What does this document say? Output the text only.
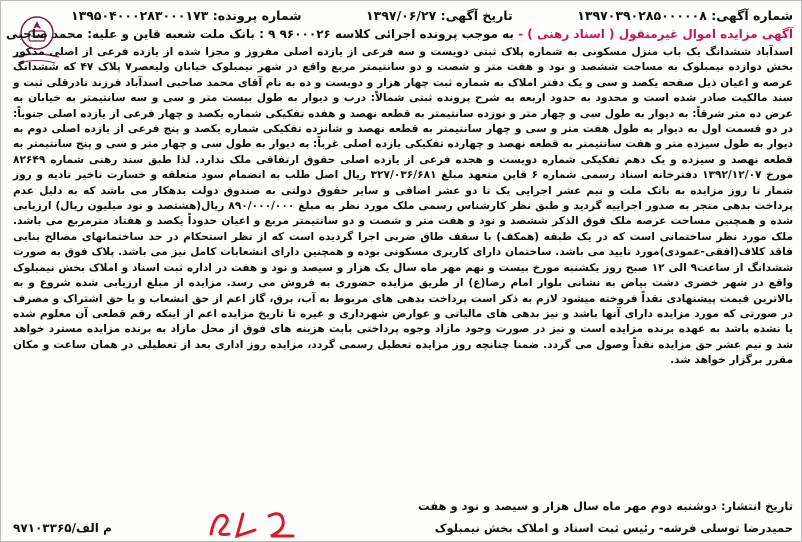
شماره آگهی: ۱۳۹۷۰۳۹۰۲۸۵۰۰۰۰۰۸
تاریخ آگهی: ۱۳۹۷/۰۶/۲۷
شماره پرونده: ۱۳۹۵۰۴۰۰۰۲۸۳۰۰۰۱۷۳
آگهی مزایده اموال غیرمنقول ( اسناد رهنی ) - به موجب پرونده اجرائی کلاسه ۹۶۰۰۰۲۶ ۹ : بانک ملت شعبه قاین و علیه: محمد صاحبی
اسدآباد ششدانگ یک باب منزل مسکونی به شماره پلاک ثبتی دویست و سه فرعی از یازده اصلی مفروز و مجزا شده از یازده فرعی از اصلی مذکور بخش دوازده نیمبلوک به مساحت ششصد و نود و هفت متر و شصت و دو سانتیمتر مربع واقع در شهر نیمبلوک خیابان ولیعصر۷ پلاک ۴۷ که ششدانگ عرصه و اعیان ذیل صفحه یکصد و سی و یک دفتر املاک به شماره ثبت چهار هزار و دویست و ده به نام آقای محمد صاحبی اسدآباد فرزند نادرقلی ثبت و سند مالکیت صادر شده است و محدود به حدود اربعه به شرح پرونده ثبتی شمالاً: درب و دیوار به طول بیست متر و سی و سه سانتیمتر به خیابان به عرض ده متر شرقاً: به دیوار به طول سی و چهار متر و نوزده سانتیمتر به قطعه نهصد و هفده تفکیکی شماره یکصد و چهار فرعی از یازده اصلی جنوباً: در دو قسمت اول به دیوار به طول هفت متر و سی و چهار سانتیمتر به قطعه نهصد و شانزده تفکیکی شماره یکصد و پنج فرعی از یازده اصلی دوم به دیوار به طول سیزده متر و هفت سانتیمتر به قطعه نهصد و چهارده تفکیکی یازده اصلی غرباً: به دیوار به طول سی و چهار متر و سی و پنج سانتیمتر به قطعه نهصد و سیزده و یک دهم تفکیکی شماره دویست و هجده فرعی از یازده اصلی حقوق ارتفاقی ملک ندارد. لذا طبق سند رهنی شماره ۸۲۶۴۹ مورخ ۱۳۹۲/۱۲/۰۷ دفترخانه اسناد رسمی شماره ۶ قاین متعهد مبلغ ۳۲۷/۰۳۶/۶۸۱ ریال اصل طلب به انضمام سود متعلقه و خسارت تاخیر تادیه و روز شمار تا روز مزایده به بانک ملت و نیم عشر اجرایی یک تا دو عشر اضافی و سایر حقوق دولتی به صندوق دولت بدهکار می باشد که به دلیل عدم پرداخت بدهی منجر به صدور اجراییه گردید و طبق نظر کارشناس رسمی ملک مورد نظر به مبلغ ۸۹۰/۰۰۰/۰۰۰ ریال(هشتصد و نود میلیون ریال) ارزیابی شده و همچنین مساحت عرصه ملک فوق الذکر ششصد و نود و هفت متر و شصت و دو سانتیمتر مربع و اعیان حدوداً یکصد و هفتاد مترمربع می باشد. ملک مورد نظر ساختمانی است که در یک طبقه (همکف) با سقف طاق ضربی اجرا گردیده است که از نظر استحکام در حد ساختمانهای مصالح بنایی فاقد کلاف(افقی-عمودی)مورد تایید می باشد. ساختمان دارای کاربری مسکونی بوده و همچنین دارای انشعابات کامل نیز می باشد. پلاک فوق به صورت ششدانگ از ساعت۹ الی ۱۲ صبح روز یکشنبه مورخ بیست و نهم مهر ماه سال یک هزار و سیصد و نود و هفت در اداره ثبت اسناد و املاک بخش نیمبلوک واقع در شهر خضری دشت بیاض به نشانی بلوار امام رضا(ع) از طریق مزایده حضوری به فروش می رسد. مزایده از مبلغ ارزیابی شده شروع و به بالاترین قیمت پیشنهادی نقداً فروخته میشود لازم به ذکر است پرداخت بدهی های مربوط به آب، برق، گاز اعم از حق انشعاب و یا حق اشتراک و مصرف در صورتی که مورد مزایده دارای آنها باشد و نیز بدهی های مالیاتی و عوارض شهرداری و غیره تا تاریخ مزایده اعم از اینکه رقم قطعی آن معلوم شده یا نشده باشد به عهده برنده مزایده است و نیز در صورت وجود مازاد وجوه پرداختی بابت هزینه های فوق از محل مازاد به برنده مزایده مسترد خواهد شد و نیم عشر حق مزایده نقداً وصول می گردد. ضمنا چنانچه روز مزایده تعطیل رسمی گردد، مزایده روز اداری بعد از تعطیلی در همان ساعت و مکان مقرر برگزار خواهد شد.
تاریخ انتشار: دوشنبه دوم مهر ماه سال هزار و سیصد و نود و هفت
حمیدرضا توسلی فرشه- رئیس ثبت اسناد و املاک بخش نیمبلوک
م الف/۹۷۱۰۳۳۶۵
